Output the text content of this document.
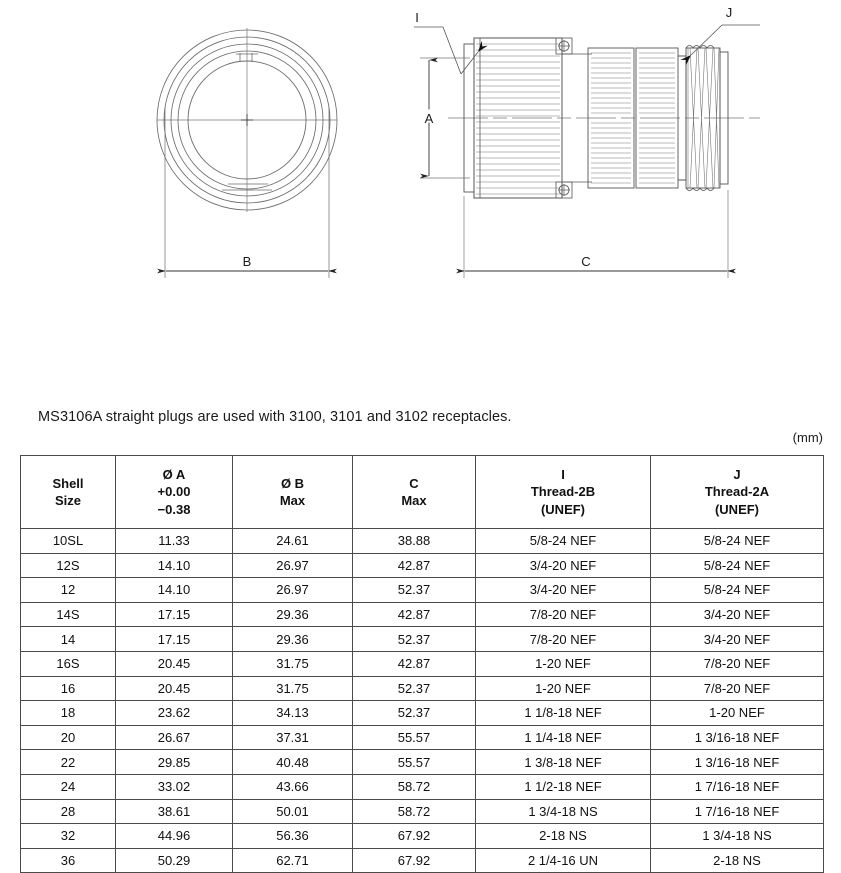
B
A
C
I	J
MS3106A straight plugs are used with 3100, 3101 and 3102 receptacles.
(mm)
Shell
Size	Ø A
+0.00
−0.38	Ø B
Max	C
Max	I
Thread-2B
(UNEF)	J
Thread-2A
(UNEF)

10SL	11.33	24.61	38.88	5/8-24 NEF	5/8-24 NEF
12S	14.10	26.97	42.87	3/4-20 NEF	5/8-24 NEF
12	14.10	26.97	52.37	3/4-20 NEF	5/8-24 NEF
14S	17.15	29.36	42.87	7/8-20 NEF	3/4-20 NEF
14	17.15	29.36	52.37	7/8-20 NEF	3/4-20 NEF
16S	20.45	31.75	42.87	1-20 NEF	7/8-20 NEF
16	20.45	31.75	52.37	1-20 NEF	7/8-20 NEF
18	23.62	34.13	52.37	1 1/8-18 NEF	1-20 NEF
20	26.67	37.31	55.57	1 1/4-18 NEF	1 3/16-18 NEF
22	29.85	40.48	55.57	1 3/8-18 NEF	1 3/16-18 NEF
24	33.02	43.66	58.72	1 1/2-18 NEF	1 7/16-18 NEF
28	38.61	50.01	58.72	1 3/4-18 NS	1 7/16-18 NEF
32	44.96	56.36	67.92	2-18 NS	1 3/4-18 NS
36	50.29	62.71	67.92	2 1/4-16 UN	2-18 NS
